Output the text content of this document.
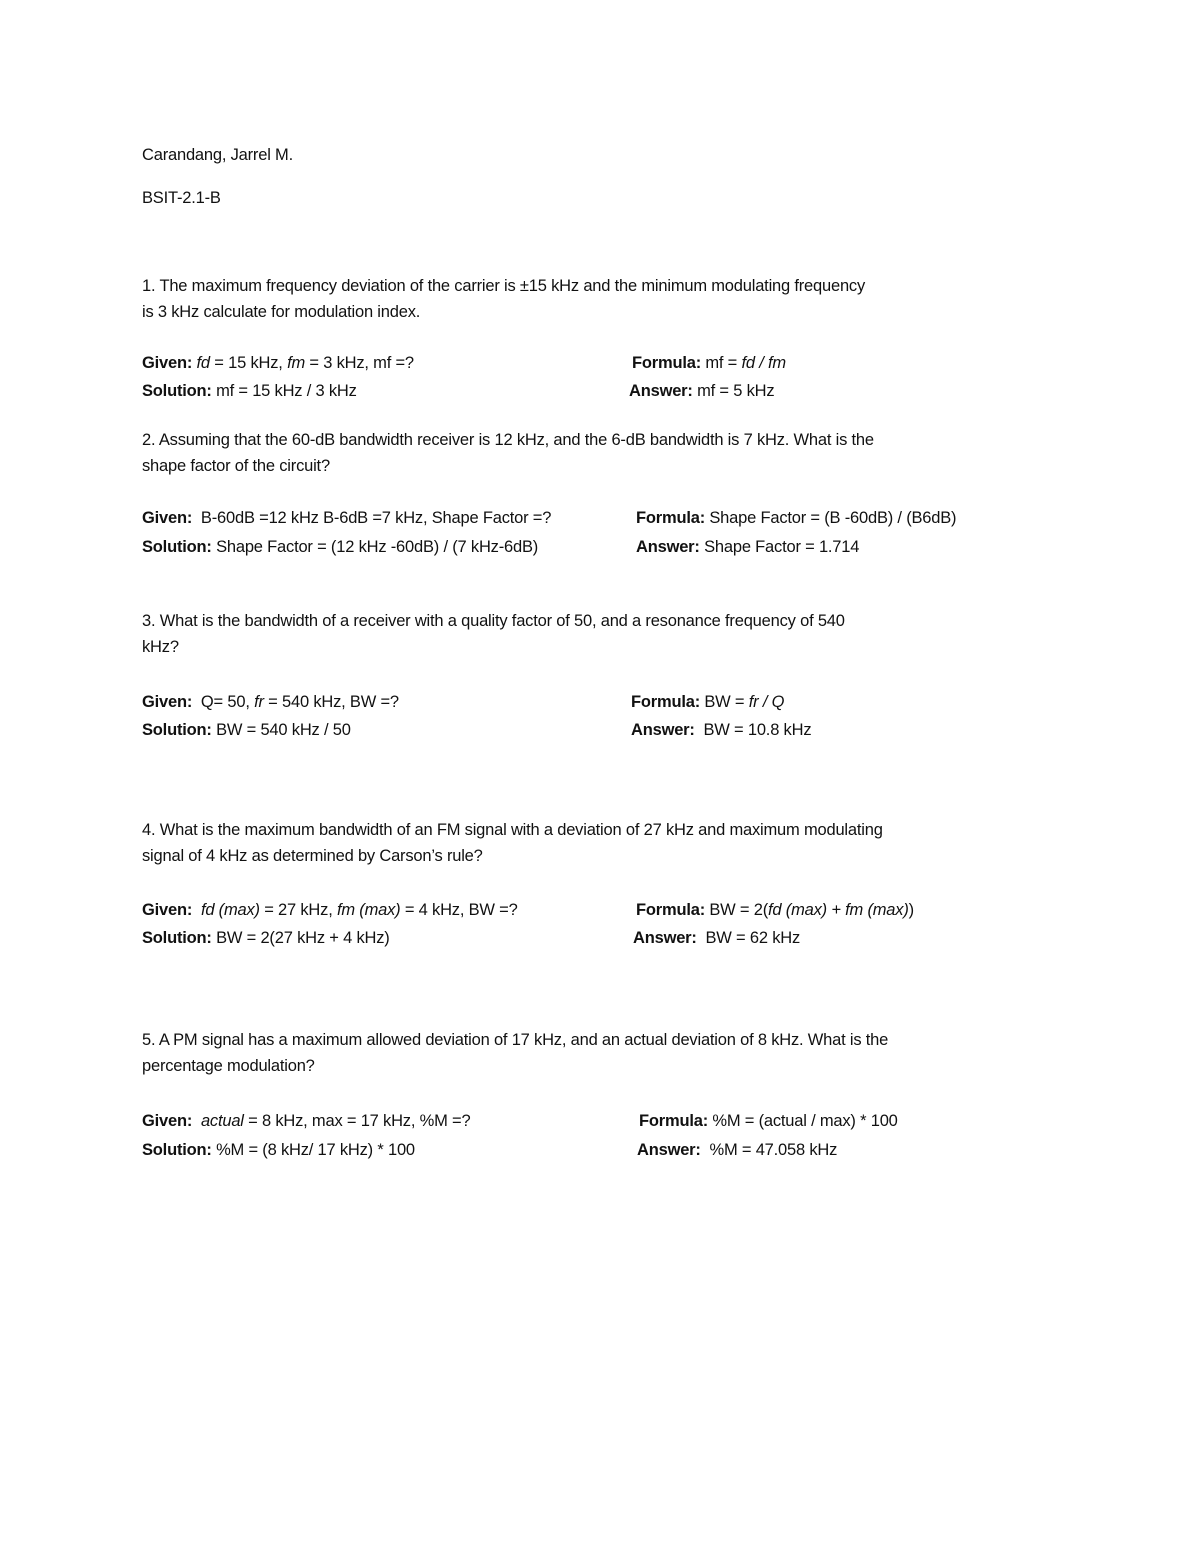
Carandang, Jarrel M.
BSIT-2.1-B
1. The maximum frequency deviation of the carrier is ±15 kHz and the minimum modulating frequency
is 3 kHz calculate for modulation index.
Given: fd = 15 kHz, fm = 3 kHz, mf =?	Formula: mf = fd / fm
Solution: mf = 15 kHz / 3 kHz	Answer: mf = 5 kHz
2. Assuming that the 60-dB bandwidth receiver is 12 kHz, and the 6-dB bandwidth is 7 kHz. What is the
shape factor of the circuit?
Given:  B-60dB =12 kHz B-6dB =7 kHz, Shape Factor =?	Formula: Shape Factor = (B -60dB) / (B6dB)
Solution: Shape Factor = (12 kHz -60dB) / (7 kHz-6dB)	Answer: Shape Factor = 1.714
3. What is the bandwidth of a receiver with a quality factor of 50, and a resonance frequency of 540
kHz?
Given:  Q= 50, fr = 540 kHz, BW =?	Formula: BW = fr / Q
Solution: BW = 540 kHz / 50	Answer:  BW = 10.8 kHz
4. What is the maximum bandwidth of an FM signal with a deviation of 27 kHz and maximum modulating
signal of 4 kHz as determined by Carson’s rule?
Given: fd (max) = 27 kHz, fm (max) = 4 kHz, BW =?	Formula: BW = 2(fd (max) + fm (max))
Solution: BW = 2(27 kHz + 4 kHz)	Answer:  BW = 62 kHz
5. A PM signal has a maximum allowed deviation of 17 kHz, and an actual deviation of 8 kHz. What is the
percentage modulation?
Given: actual = 8 kHz, max = 17 kHz, %M =?	Formula: %M = (actual / max) * 100
Solution: %M = (8 kHz/ 17 kHz) * 100	Answer:  %M = 47.058 kHz
